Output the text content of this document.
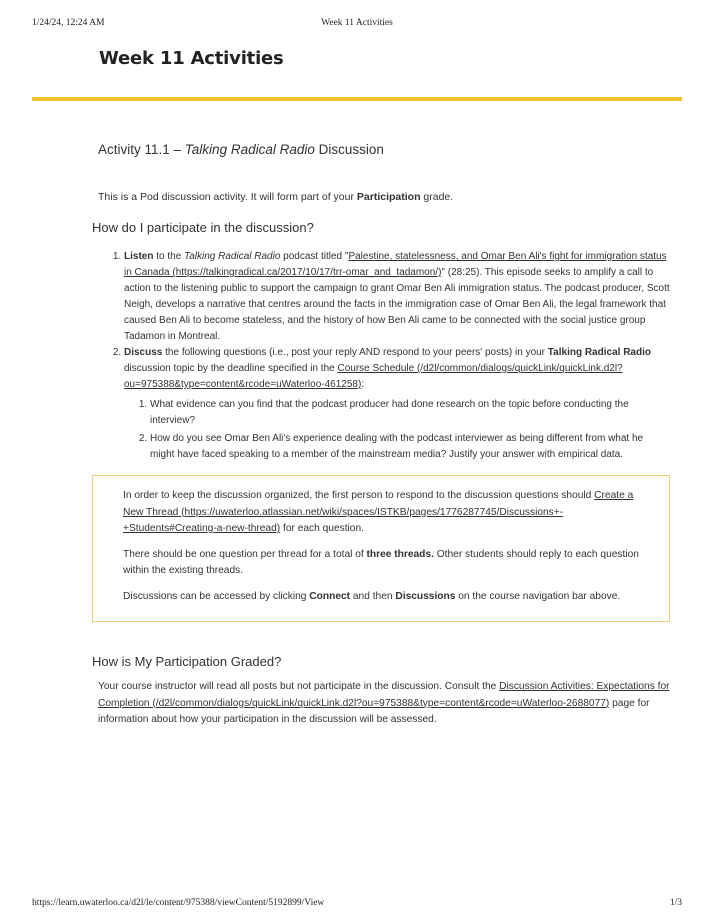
1/24/24, 12:24 AM	Week 11 Activities
Week 11 Activities
Activity 11.1 – Talking Radical Radio Discussion

This is a Pod discussion activity. It will form part of your Participation grade.

How do I participate in the discussion?
1. Listen to the Talking Radical Radio podcast titled "Palestine, statelessness, and Omar Ben Ali's fight for immigration status in Canada (https://talkingradical.ca/2017/10/17/trr-omar_and_tadamon/)" (28:25). This episode seeks to amplify a call to action to the listening public to support the campaign to grant Omar Ben Ali immigration status. The podcast producer, Scott Neigh, develops a narrative that centres around the facts in the immigration case of Omar Ben Ali, the legal framework that caused Ben Ali to become stateless, and the history of how Ben Ali came to be connected with the social justice group Tadamon in Montreal.
2. Discuss the following questions (i.e., post your reply AND respond to your peers' posts) in your Talking Radical Radio discussion topic by the deadline specified in the Course Schedule (/d2l/common/dialogs/quickLink/quickLink.d2l?ou=975388&type=content&rcode=uWaterloo-461258):
1. What evidence can you find that the podcast producer had done research on the topic before conducting the interview?
2. How do you see Omar Ben Ali's experience dealing with the podcast interviewer as being different from what he might have faced speaking to a member of the mainstream media? Justify your answer with empirical data.

In order to keep the discussion organized, the first person to respond to the discussion questions should Create a New Thread (https://uwaterloo.atlassian.net/wiki/spaces/ISTKB/pages/1776287745/Discussions+-+Students#Creating-a-new-thread) for each question.

There should be one question per thread for a total of three threads. Other students should reply to each question within the existing threads.

Discussions can be accessed by clicking Connect and then Discussions on the course navigation bar above.

How is My Participation Graded?

Your course instructor will read all posts but not participate in the discussion. Consult the Discussion Activities: Expectations for Completion (/d2l/common/dialogs/quickLink/quickLink.d2l?ou=975388&type=content&rcode=uWaterloo-2688077) page for information about how your participation in the discussion will be assessed.

https://learn.uwaterloo.ca/d2l/le/content/975388/viewContent/5192899/View	1/3
